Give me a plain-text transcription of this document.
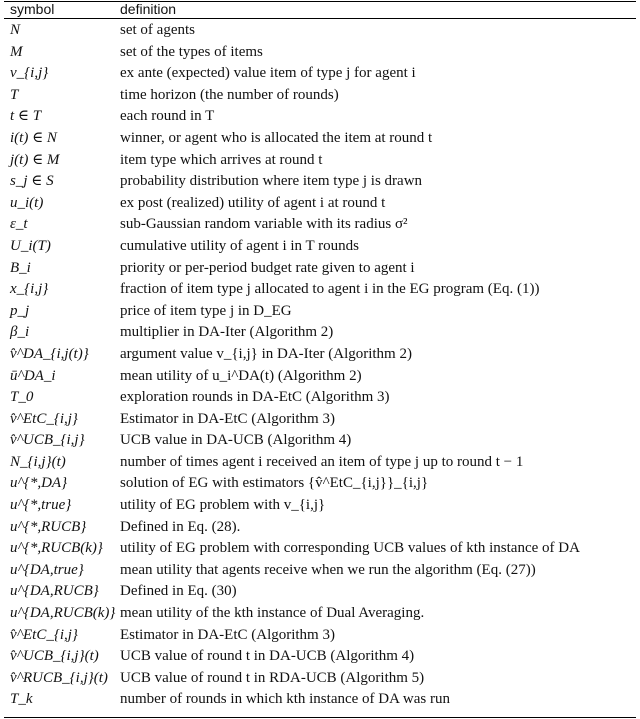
symbol	definition
N	set of agents
M	set of the types of items
v_{i,j}	ex ante (expected) value item of type j for agent i
T	time horizon (the number of rounds)
t ∈ T	each round in T
i(t) ∈ N	winner, or agent who is allocated the item at round t
j(t) ∈ M	item type which arrives at round t
s_j ∈ S	probability distribution where item type j is drawn
u_i(t)	ex post (realized) utility of agent i at round t
ε_t	sub-Gaussian random variable with its radius σ²
U_i(T)	cumulative utility of agent i in T rounds
B_i	priority or per-period budget rate given to agent i
x_{i,j}	fraction of item type j allocated to agent i in the EG program (Eq. (1))
p_j	price of item type j in D_EG
β_i	multiplier in DA-Iter (Algorithm 2)
v̂^DA_{i,j(t)} argument value v_{i,j} in DA-Iter (Algorithm 2)
ū^DA_i	mean utility of u_i^DA(t) (Algorithm 2)
T_0	exploration rounds in DA-EtC (Algorithm 3)
v̂^EtC_{i,j}	Estimator in DA-EtC (Algorithm 3)
v̂^UCB_{i,j} UCB value in DA-UCB (Algorithm 4)
N_{i,j}(t)	number of times agent i received an item of type j up to round t − 1
u^{*,DA}	solution of EG with estimators {v̂^EtC_{i,j}}_{i,j}
u^{*,true}	utility of EG problem with v_{i,j}
u^{*,RUCB} Defined in Eq. (28).
u^{*,RUCB(k)} utility of EG problem with corresponding UCB values of kth instance of DA
u^{DA,true} mean utility that agents receive when we run the algorithm (Eq. (27))
u^{DA,RUCB} Defined in Eq. (30)
u^{DA,RUCB(k)} mean utility of the kth instance of Dual Averaging.
v̂^EtC_{i,j}	Estimator in DA-EtC (Algorithm 3)
v̂^UCB_{i,j}(t) UCB value of round t in DA-UCB (Algorithm 4)
v̂^RUCB_{i,j}(t) UCB value of round t in RDA-UCB (Algorithm 5)
T_k	number of rounds in which kth instance of DA was run
